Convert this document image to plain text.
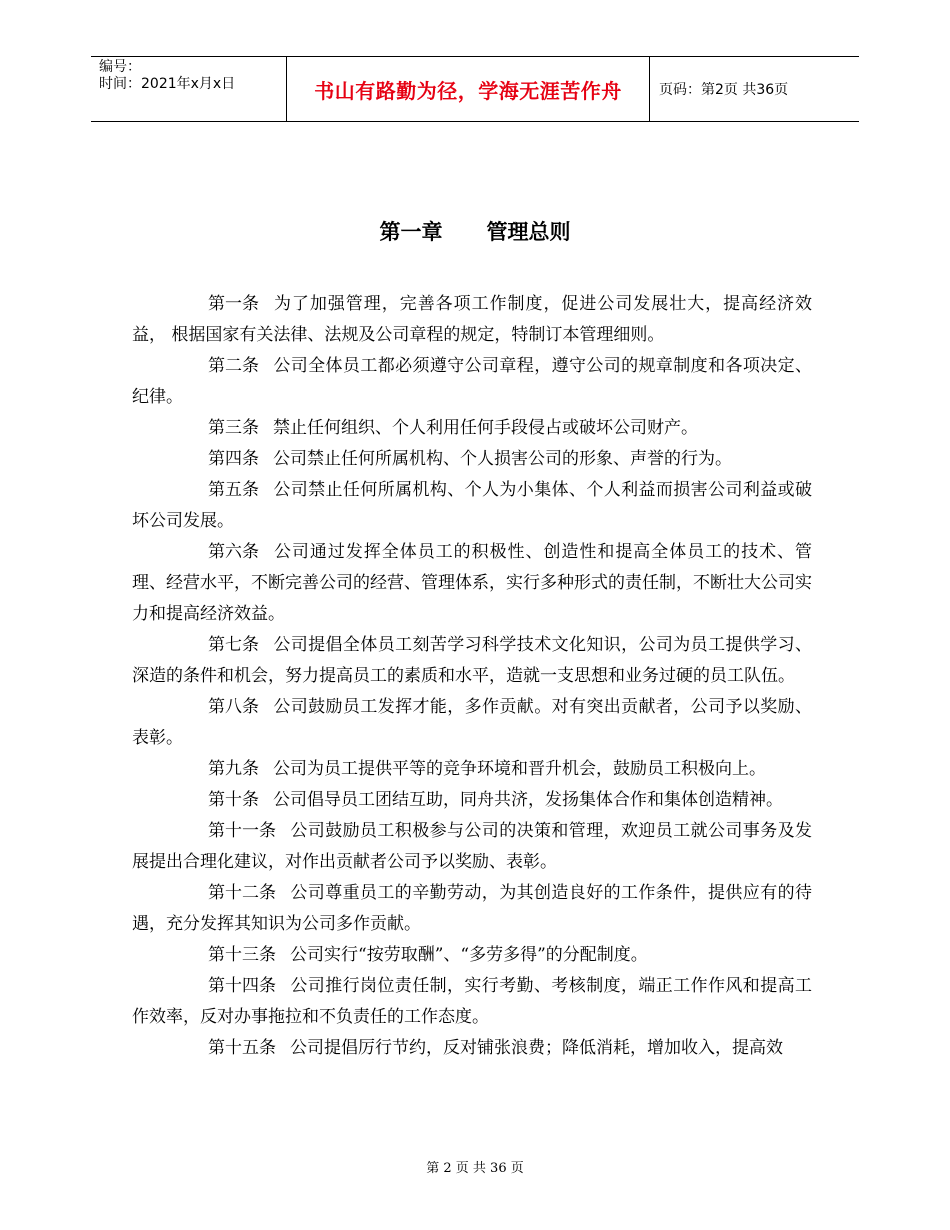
编号：
时间：2021年x月x日	书山有路勤为径，学海无涯苦作舟	页码：第2页 共36页
第一章 管理总则

第一条 为了加强管理，完善各项工作制度，促进公司发展壮大，提高经济效益， 根据国家有关法律、法规及公司章程的规定，特制订本管理细则。

第二条 公司全体员工都必须遵守公司章程，遵守公司的规章制度和各项决定、纪律。

第三条 禁止任何组织、个人利用任何手段侵占或破坏公司财产。

第四条 公司禁止任何所属机构、个人损害公司的形象、声誉的行为。

第五条 公司禁止任何所属机构、个人为小集体、个人利益而损害公司利益或破 坏公司发展。

第六条 公司通过发挥全体员工的积极性、创造性和提高全体员工的技术、管理、经营水平，不断完善公司的经营、管理体系，实行多种形式的责任制，不断壮大公司实力和提高经济效益。

第七条 公司提倡全体员工刻苦学习科学技术文化知识，公司为员工提供学习、深造的条件和机会，努力提高员工的素质和水平，造就一支思想和业务过硬的员工队伍。

第八条 公司鼓励员工发挥才能，多作贡献。对有突出贡献者，公司予以奖励、表彰。

第九条 公司为员工提供平等的竞争环境和晋升机会，鼓励员工积极向上。

第十条 公司倡导员工团结互助，同舟共济，发扬集体合作和集体创造精神。

第十一条 公司鼓励员工积极参与公司的决策和管理，欢迎员工就公司事务及发展提出合理化建议，对作出贡献者公司予以奖励、表彰。

第十二条 公司尊重员工的辛勤劳动，为其创造良好的工作条件，提供应有的待遇，充分发挥其知识为公司多作贡献。

第十三条 公司实行“按劳取酬”、“多劳多得”的分配制度。

第十四条 公司推行岗位责任制，实行考勤、考核制度，端正工作作风和提高工作效率，反对办事拖拉和不负责任的工作态度。

第十五条 公司提倡厉行节约，反对铺张浪费；降低消耗，增加收入，提高效

第 2 页 共 36 页
